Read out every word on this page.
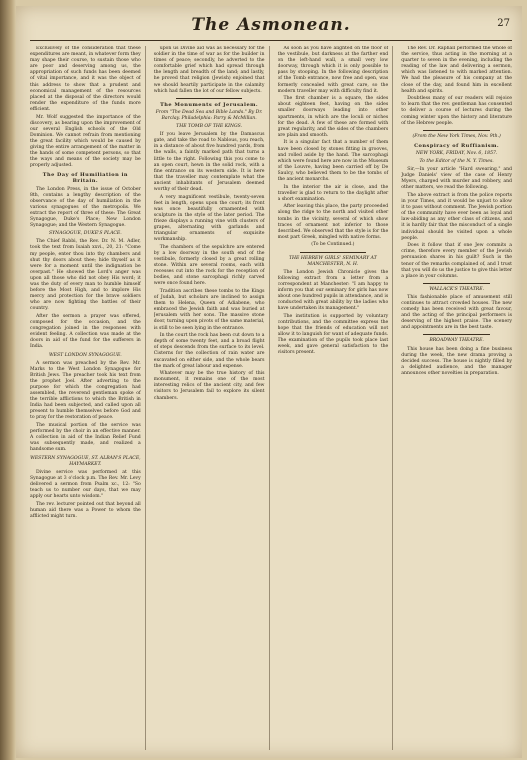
The Asmonean.	27

Exclusively of the consideration that these expenditures are meant, in whatever form they may shape their course, to sustain those who are poor and deserving among us, the appropriation of such funds has been deemed of vital importance, and it was the object of this address to show that a prudent and economical management of the resources placed at the disposal of the directors would render the expenditure of the funds more efficient.

Mr. Wolf suggested the importance of the discovery, as bearing upon the improvement of our several English schools of the Old Dominion. We cannot refrain from mentioning the great facility which would be caused by giving the entire arrangement of the matter in the hands of some competent persons, so that the ways and means of the society may be properly adjusted.

The Day of Humiliation in Britain.

The London Press, in the issue of October 8th, contains a lengthy description of the observance of the day of humiliation in the various synagogues of the metropolis. We extract the report of three of these: The Great Synagogue, Duke's Place; New London Synagogue; and the Western Synagogue.

SYNAGOGUE, DUKE'S PLACE.

The Chief Rabbi, the Rev. Dr. N. M. Adler, took the text from Isaiah xxvi., 20, 21: "Come my people, enter thou into thy chambers and shut thy doors about thee; hide thyself as it were for a moment until the indignation be overpast." He showed the Lord's anger was upon all those who did not obey His word; it was the duty of every man to humble himself before the Most High, and to implore His mercy and protection for the brave soldiers who are now fighting the battles of their country.

After the sermon a prayer was offered, composed for the occasion, and the congregation joined in the responses with evident feeling. A collection was made at the doors in aid of the fund for the sufferers in India.

WEST LONDON SYNAGOGUE.

A sermon was preached by the Rev. Mr. Marks to the West London Synagogue for British Jews. The preacher took his text from the prophet Joel. After adverting to the purpose for which the congregation had assembled, the reverend gentleman spoke of the terrible afflictions to which the British in India had been subjected, and called upon all present to humble themselves before God and to pray for the restoration of peace.

The musical portion of the service was performed by the choir in an effective manner. A collection in aid of the Indian Relief Fund was subsequently made, and realized a handsome sum.

WESTERN SYNAGOGUE, ST. ALBAN'S PLACE, HAYMARKET.

Divine service was performed at this Synagogue at 3 o'clock p.m. The Rev. Mr. Levy delivered a sermon from Psalm xc., 12: "So teach us to number our days, that we may apply our hearts unto wisdom."

The rev. lecturer pointed out that beyond all human aid there was a Power to whom the afflicted might turn.

upon us Divine aid was as necessary for the soldier in the time of war as for the builder in times of peace; secondly, he adverted to the comfortable grief which had spread through the length and breadth of the land; and lastly, he proved that religion (Jewish) enjoined that we should heartily participate in the calamity which had fallen the lot of our fellow subjects.

The Monuments of Jerusalem.
From "The Dead Sea and Bible Lands." By Dr. Barclay. Philadelphia: Parry & McMillan.
THE TOMB OF THE KINGS.

If you leave Jerusalem by the Damascus gate, and take the road to Nablous, you reach, in a distance of about five hundred yards, from the walls, a faintly marked path that turns a little to the right. Following this you come to an open court, hewn in the solid rock, with a fine entrance on its western side. It is here that the traveller may contemplate what the ancient inhabitants of Jerusalem deemed worthy of their dead.

A very magnificent vestibule, twenty-seven feet in length, opens upon the court; its front was once beautifully ornamented with sculpture in the style of the later period. The frieze displays a running vine with clusters of grapes, alternating with garlands and triangular ornaments of exquisite workmanship.

The chambers of the sepulchre are entered by a low doorway in the south end of the vestibule, formerly closed by a great rolling stone. Within are several rooms, each with recesses cut into the rock for the reception of bodies, and stone sarcophagi richly carved were once found here.

Tradition ascribes these tombs to the Kings of Judah, but scholars are inclined to assign them to Helena, Queen of Adiabene, who embraced the Jewish faith and was buried at Jerusalem with her sons. The massive stone door, turning upon pivots of the same material, is still to be seen lying in the entrance.

In the court the rock has been cut down to a depth of some twenty feet, and a broad flight of steps descends from the surface to its level. Cisterns for the collection of rain water are excavated on either side, and the whole bears the mark of great labour and expense.

Whatever may be the true history of this monument, it remains one of the most interesting relics of the ancient city, and few visitors to Jerusalem fail to explore its silent chambers.

As soon as you have alighted on the floor of the vestibule, but darkness at the farther end on the left-hand wall, a small very low doorway, through which it is only possible to pass by stooping. In the following description of the Tomb entrance, now free and open, was formerly concealed with great care, so the modern traveller may with difficulty find it.

The first chamber is a square, the sides about eighteen feet, having on the sides smaller doorways leading into other apartments, in which are the loculi or niches for the dead. A few of these are formed with great regularity, and the sides of the chambers are plain and smooth.

It is a singular fact that a number of them have been closed by stones fitting in grooves, and rolled aside by the hand. The sarcophagi which were found here are now in the Museum of the Louvre, having been carried off by De Saulcy, who believed them to be the tombs of the ancient monarchs.

In the interior the air is close, and the traveller is glad to return to the daylight after a short examination.

After leaving this place, the party proceeded along the ridge to the north and visited other tombs in the vicinity, several of which show traces of ornament not inferior to those described. We observed that the style is for the most part Greek, mingled with native forms.

(To be Continued.)

THE HEBREW GIRLS' SEMINARY AT MANCHESTER, N. H.

The London Jewish Chronicle gives the following extract from a letter from a correspondent at Manchester: "I am happy to inform you that our seminary for girls has now about one hundred pupils in attendance, and is conducted with great ability by the ladies who have undertaken its management."

The institution is supported by voluntary contributions, and the committee express the hope that the friends of education will not allow it to languish for want of adequate funds. The examination of the pupils took place last week, and gave general satisfaction to the visitors present.

The Rev. Dr. Raphall performed the whole of the service, thus acting in the morning at a quarter to seven in the evening, including the reading of the law and delivering a sermon, which was listened to with marked attention. We had the pleasure of his company at the close of the day, and found him in excellent health and spirits.

Doubtless many of our readers will rejoice to learn that the rev. gentleman has consented to deliver a course of lectures during the coming winter upon the history and literature of the Hebrew people.

(From the New York Times, Nov. 9th.)
Conspiracy of Ruffianism.
NEW YORK, FRIDAY, Nov. 6, 1857.
To the Editor of the N. Y. Times.

Sir,—In your article "Hard swearing," and Judge Daniels' view of the case of Henry Myers, charged with murder and robbery, and other matters, we read the following.

The above extract is from the police reports in your Times, and it would be unjust to allow it to pass without comment. The Jewish portion of the community have ever been as loyal and law-abiding as any other class of citizens, and it is hardly fair that the misconduct of a single individual should be visited upon a whole people.

Does it follow that if one Jew commits a crime, therefore every member of the Jewish persuasion shares in his guilt? Such is the tenor of the remarks complained of, and I trust that you will do us the justice to give this letter a place in your columns.

WALLACK'S THEATRE.

This fashionable place of amusement still continues to attract crowded houses. The new comedy has been received with great favour, and the acting of the principal performers is deserving of the highest praise. The scenery and appointments are in the best taste.

BROADWAY THEATRE.

This house has been doing a fine business during the week, the new drama proving a decided success. The house is nightly filled by a delighted audience, and the manager announces other novelties in preparation.
